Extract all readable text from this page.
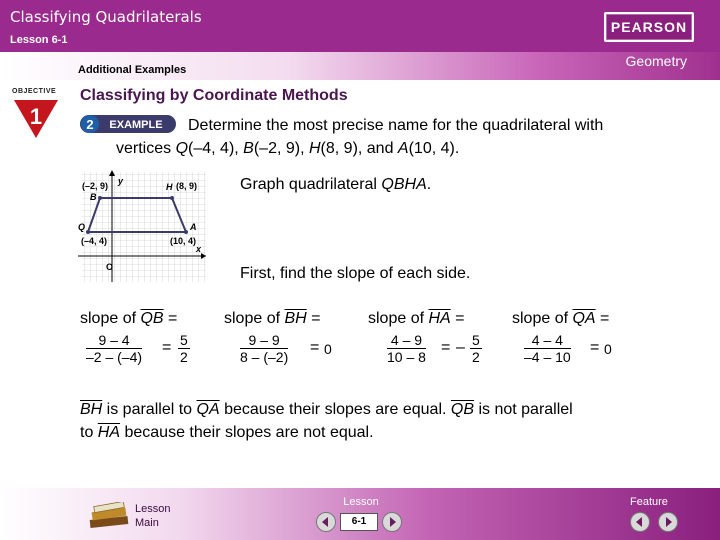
Classifying Quadrilaterals
Lesson 6-1
Additional Examples
PEARSON
Geometry
OBJECTIVE
1
Classifying by Coordinate Methods
2 EXAMPLE Determine the most precise name for the quadrilateral with
vertices Q(–4, 4), B(–2, 9), H(8, 9), and A(10, 4).
(–2, 9)
B
H (8, 9)
y
Q	A
(–4, 4)	(10, 4)
x
O
Graph quadrilateral QBHA.
First, find the slope of each side.
slope of $\overline{QB}$ =
$\frac{9 - 4}{-2 - (-4)} = \frac{5}{2}$
slope of $\overline{BH}$ =
$\frac{9 - 9}{8 - (-2)} = 0$
slope of $\overline{HA}$ =
$\frac{4 - 9}{10 - 8}$ = – $\frac{5}{2}$
slope of $\overline{QA}$ =
$\frac{4 - 4}{-4 - 10} = 0$
$\overline{BH}$ is parallel to $\overline{QA}$ because their slopes are equal. $\overline{QB}$ is not parallel
to $\overline{HA}$ because their slopes are not equal.
Lesson
Main
Lesson
6-1
Feature
